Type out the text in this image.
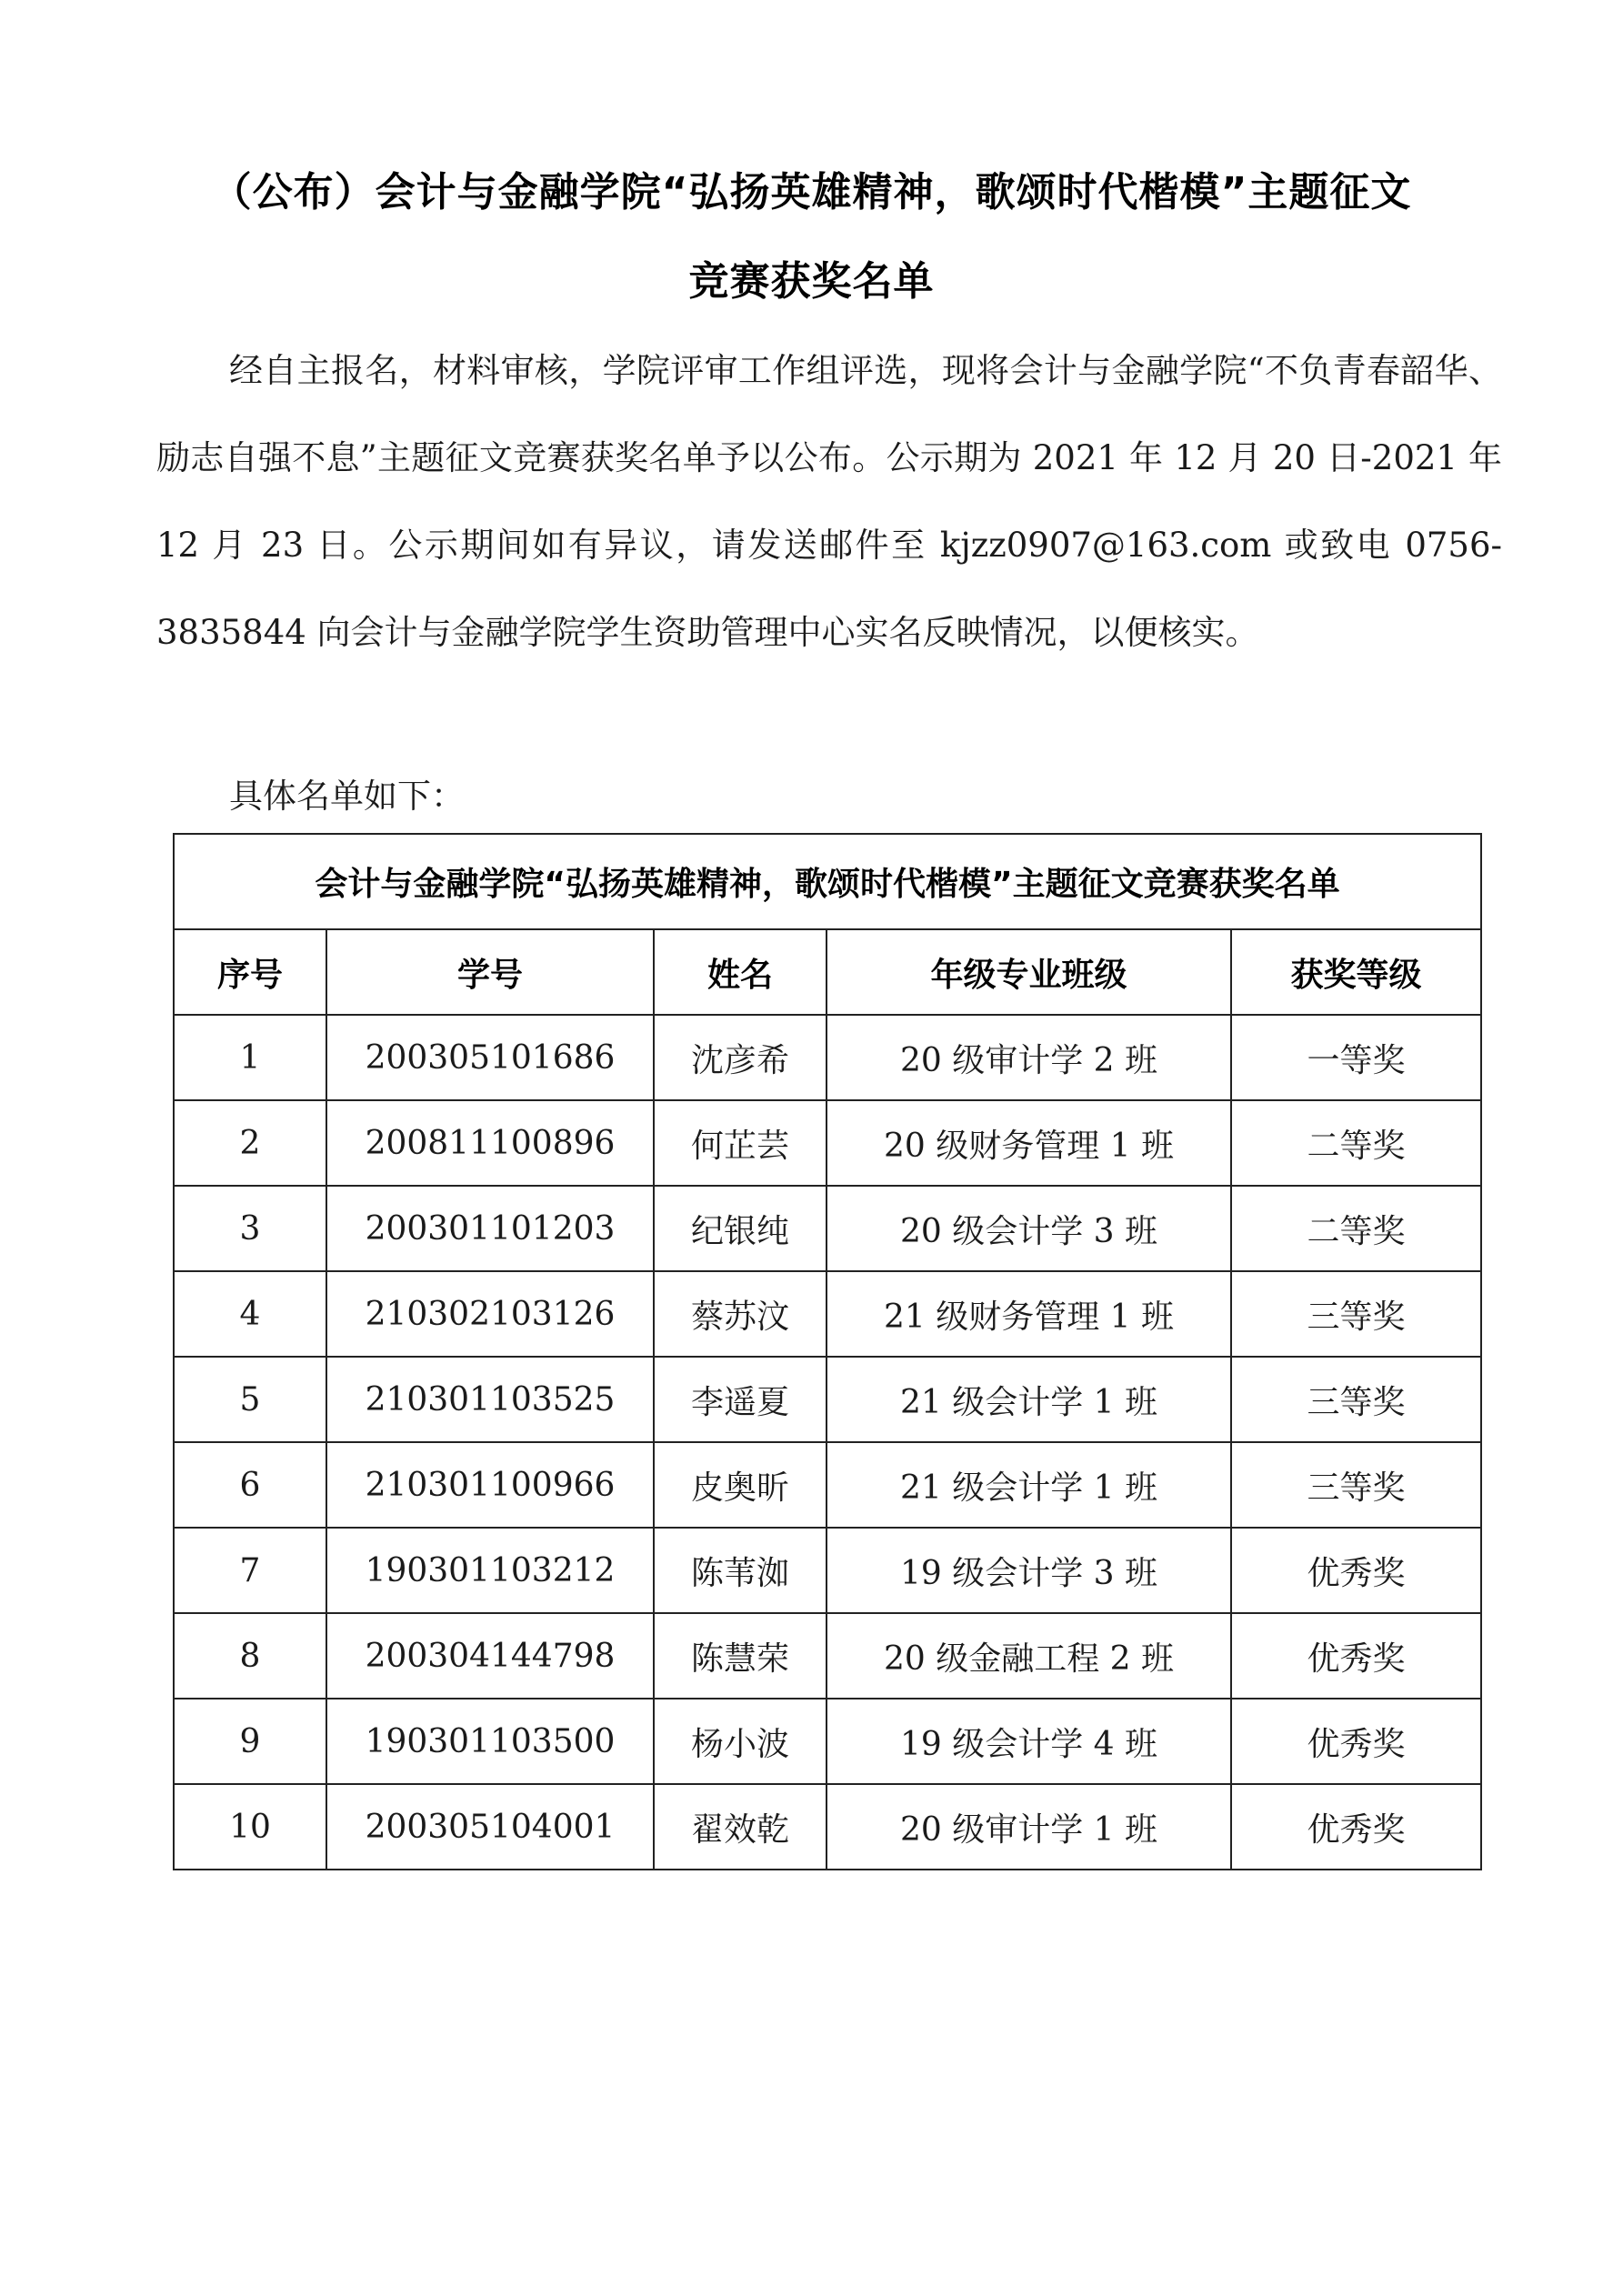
（公布）会计与金融学院“弘扬英雄精神，歌颂时代楷模”主题征文
竞赛获奖名单
经自主报名，材料审核，学院评审工作组评选，现将会计与金融学院“不负青春韶华、励志自强不息”主题征文竞赛获奖名单予以公布。公示期为 2021 年 12 月 20 日-2021 年 12 月 23 日。公示期间如有异议，请发送邮件至 kjzz0907@163.com 或致电 0756-3835844 向会计与金融学院学生资助管理中心实名反映情况，以便核实。
具体名单如下：
会计与金融学院“弘扬英雄精神，歌颂时代楷模”主题征文竞赛获奖名单				
序号	学号	姓名	年级专业班级	获奖等级
1	200305101686	沈彦希	20 级审计学 2 班	一等奖
2	200811100896	何芷芸	20 级财务管理 1 班	二等奖
3	200301101203	纪银纯	20 级会计学 3 班	二等奖
4	210302103126	蔡苏汶	21 级财务管理 1 班	三等奖
5	210301103525	李遥夏	21 级会计学 1 班	三等奖
6	210301100966	皮奥昕	21 级会计学 1 班	三等奖
7	190301103212	陈苇洳	19 级会计学 3 班	优秀奖
8	200304144798	陈慧荣	20 级金融工程 2 班	优秀奖
9	190301103500	杨小波	19 级会计学 4 班	优秀奖
10	200305104001	翟效乾	20 级审计学 1 班	优秀奖
